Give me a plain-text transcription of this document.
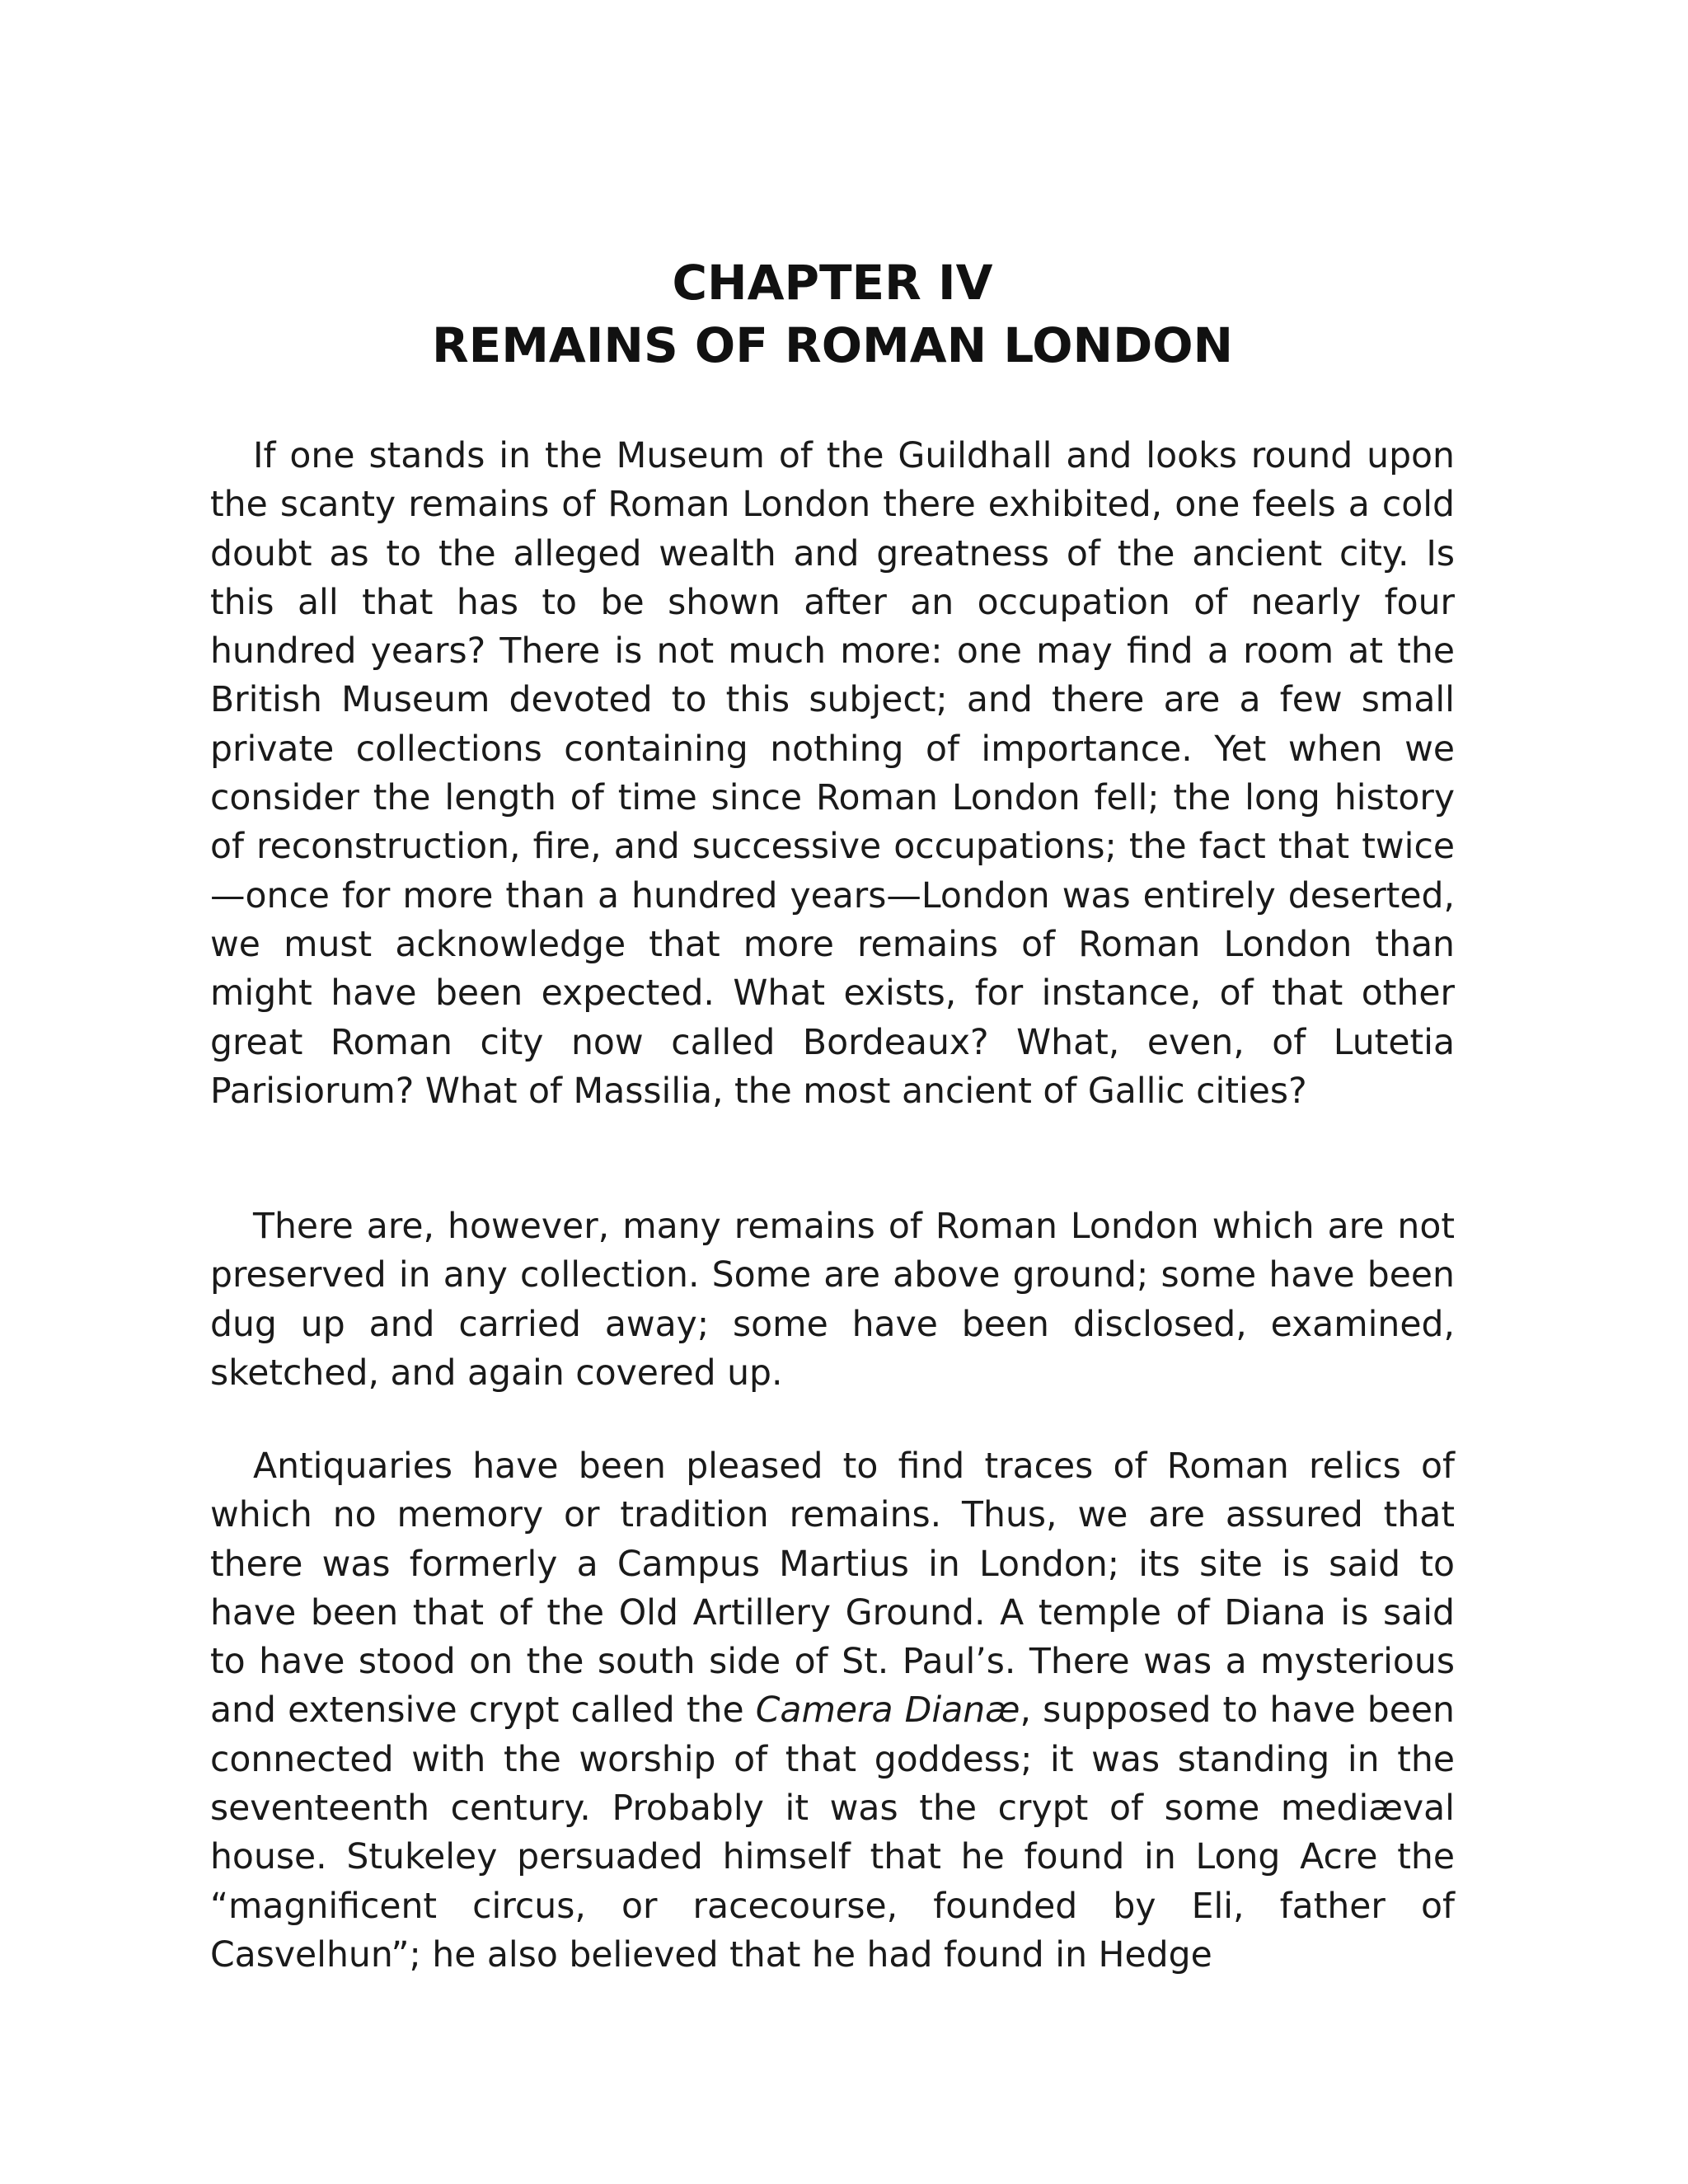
CHAPTER IV
REMAINS OF ROMAN LONDON

If one stands in the Museum of the Guildhall and looks round upon the scanty remains of Roman London there exhibited, one feels a cold doubt as to the alleged wealth and greatness of the ancient city. Is this all that has to be shown after an occupation of nearly four hundred years? There is not much more: one may find a room at the British Museum devoted to this subject; and there are a few small private collections containing nothing of importance. Yet when we consider the length of time since Roman London fell; the long history of reconstruction, fire, and successive occupations; the fact that twice—once for more than a hundred years—London was entirely deserted, we must acknowledge that more remains of Roman London than might have been expected. What exists, for instance, of that other great Roman city now called Bordeaux? What, even, of Lutetia Parisiorum? What of Massilia, the most ancient of Gallic cities?

There are, however, many remains of Roman London which are not preserved in any collection. Some are above ground; some have been dug up and carried away; some have been disclosed, examined, sketched, and again covered up.

Antiquaries have been pleased to find traces of Roman relics of which no memory or tradition remains. Thus, we are assured that there was formerly a Campus Martius in London; its site is said to have been that of the Old Artillery Ground. A temple of Diana is said to have stood on the south side of St. Paul’s. There was a mysterious and extensive crypt called the Camera Dianæ, supposed to have been connected with the worship of that goddess; it was standing in the seventeenth century. Probably it was the crypt of some mediæval house. Stukeley persuaded himself that he found in Long Acre the “magnificent circus, or racecourse, founded by Eli, father of Casvelhun”; he also believed that he had found in Hedge
